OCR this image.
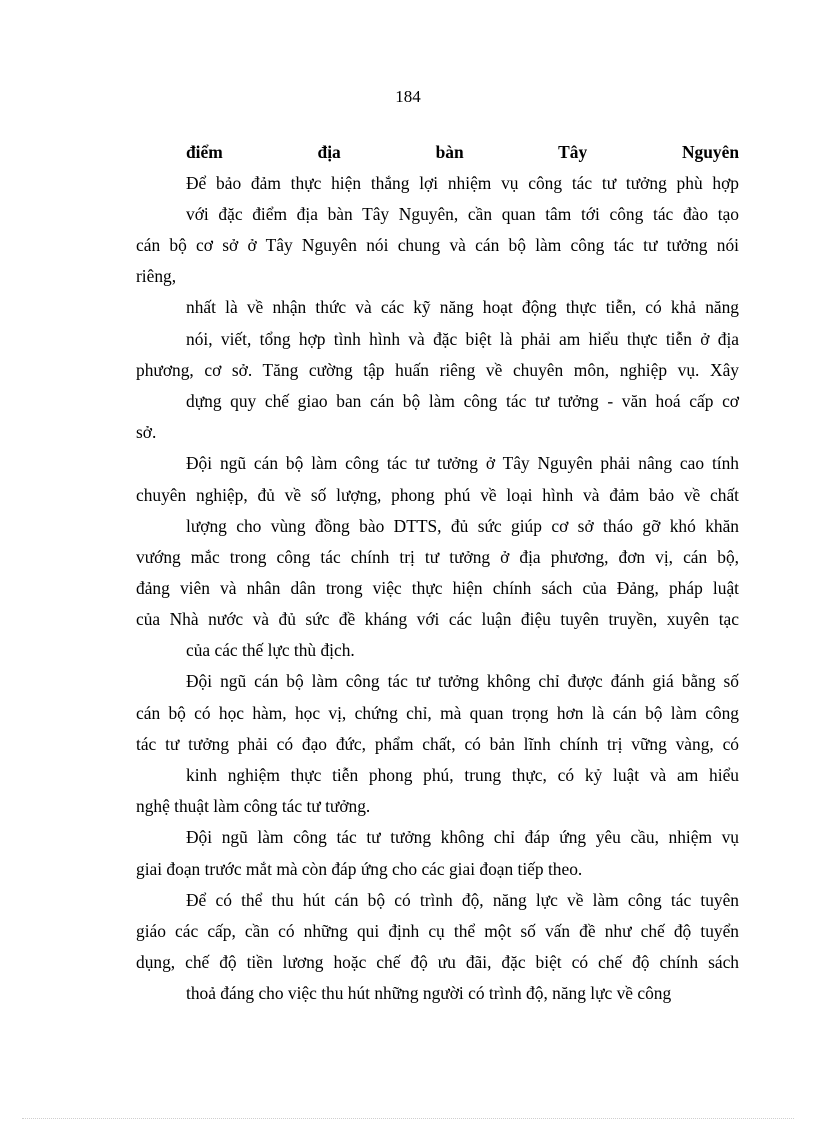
184
điểm địa bàn Tây Nguyên
Để bảo đảm thực hiện thắng lợi nhiệm vụ công tác tư tưởng phù hợp
với đặc điểm địa bàn Tây Nguyên, cần quan tâm tới công tác đào tạo
cán bộ cơ sở ở Tây Nguyên nói chung và cán bộ làm công tác tư tưởng nói
riêng,
nhất là về nhận thức và các kỹ năng hoạt động thực tiễn, có khả năng
nói, viết, tổng hợp tình hình và đặc biệt là phải am hiểu thực tiễn ở địa
phương, cơ sở. Tăng cường tập huấn riêng về chuyên môn, nghiệp vụ. Xây
dựng quy chế giao ban cán bộ làm công tác tư tưởng - văn hoá cấp cơ
sở.
Đội ngũ cán bộ làm công tác tư tưởng ở Tây Nguyên phải nâng cao tính
chuyên nghiệp, đủ về số lượng, phong phú về loại hình và đảm bảo về chất
lượng cho vùng đồng bào DTTS, đủ sức giúp cơ sở tháo gỡ khó khăn
vướng mắc trong công tác chính trị tư tưởng ở địa phương, đơn vị, cán bộ,
đảng viên và nhân dân trong việc thực hiện chính sách của Đảng, pháp luật
của Nhà nước và đủ sức đề kháng với các luận điệu tuyên truyền, xuyên tạc
của các thế lực thù địch.
Đội ngũ cán bộ làm công tác tư tưởng không chỉ được đánh giá bằng số
cán bộ có học hàm, học vị, chứng chỉ, mà quan trọng hơn là cán bộ làm công
tác tư tưởng phải có đạo đức, phẩm chất, có bản lĩnh chính trị vững vàng, có
kinh nghiệm thực tiễn phong phú, trung thực, có kỷ luật và am hiểu
nghệ thuật làm công tác tư tưởng.
Đội ngũ làm công tác tư tưởng không chỉ đáp ứng yêu cầu, nhiệm vụ
giai đoạn trước mắt mà còn đáp ứng cho các giai đoạn tiếp theo.
Để có thể thu hút cán bộ có trình độ, năng lực về làm công tác tuyên
giáo các cấp, cần có những qui định cụ thể một số vấn đề như chế độ tuyển
dụng, chế độ tiền lương hoặc chế độ ưu đãi, đặc biệt có chế độ chính sách
thoả đáng cho việc thu hút những người có trình độ, năng lực về công
